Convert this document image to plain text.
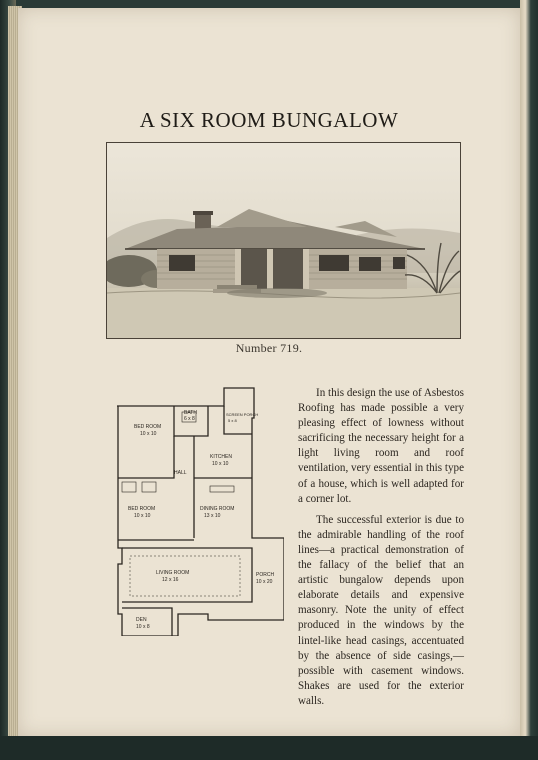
A SIX ROOM BUNGALOW
Number 719.
BED ROOM
10 x 10
BATH
6 x 8
SCREEN PORCH
5 x 8
KITCHEN
10 x 10
HALL
BED ROOM
10 x 10
DINING ROOM
13 x 10
LIVING ROOM
12 x 16
PORCH
10 x 20
DEN
10 x 8

In this design the use of Asbestos Roofing has made possible a very pleasing effect of lowness without sacrificing the necessary height for a light living room and roof ventilation, very essential in this type of a house, which is well adapted for a corner lot.

The successful exterior is due to the admirable handling of the roof lines—a practical demonstration of the fallacy of the belief that an artistic bungalow depends upon elaborate details and expensive masonry. Note the unity of effect produced in the windows by the lintel-like head casings, accentuated by the absence of side casings,—possible with casement windows. Shakes are used for the exterior walls.
